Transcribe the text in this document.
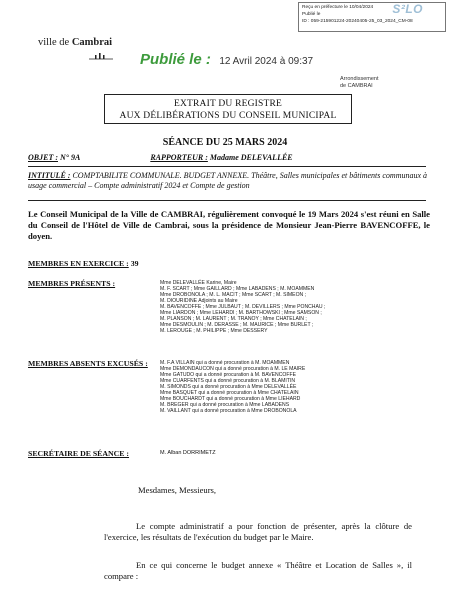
Reçu en préfecture le 10/04/2024
Publié le
ID : 059-215901224-20240405-25_03_2024_CM-08
S²LO
ville de Cambrai
Publié le : 12 Avril 2024 à 09:37
Arrondissement
de CAMBRAI
EXTRAIT DU REGISTRE
AUX DÉLIBÉRATIONS DU CONSEIL MUNICIPAL
SÉANCE DU 25 MARS 2024
OBJET : N° 9A	RAPPORTEUR : Madame DELEVALLÉE
INTITULÉ : COMPTABILITE COMMUNALE. BUDGET ANNEXE. Théâtre, Salles municipales et bâtiments communaux à usage commercial – Compte administratif 2024 et Compte de gestion
Le Conseil Municipal de la Ville de CAMBRAI, régulièrement convoqué le 19 Mars 2024 s'est réuni en Salle du Conseil de l'Hôtel de Ville de Cambrai, sous la présidence de Monsieur Jean-Pierre BAVENCOFFE, le doyen.
MEMBRES EN EXERCICE : 39
MEMBRES PRÉSENTS :	Mme DELEVALLÉE Karine, Maire
M. F. SCART ; Mme GAILLARD ; Mme LABADENS ; M. MOAMMEN
Mme DROBONOLA ; M. L. MACIT ; Mme SCART ; M. SIMEON ;
M. DIOURIDINE Adjoints au Maire
M. BAVENCOFFE ; Mme JULBAUT ; M. DEVILLERS ; Mme PONCHAU ;
Mme LIARDON ; Mme LEHARDI ; M. BARTHOWSKI ; Mme SAMSON ;
M. PLANSON ; M. LAURENT ; M. TRANOY ; Mme CHATELAIN ;
Mme DESMOULIN ; M. DERASSE ; M. MAURICE ; Mme BURLET ;
M. LEROUGE ; M. PHILIPPE ; Mme DESSERY
MEMBRES ABSENTS EXCUSÉS : M. F.A VILLAIN qui a donné procuration à M. MOAMMEN
Mme DEMONDAUCON qui a donné procuration à M. LE MAIRE
Mme GATUDO qui a donné procuration à M. BAVENCOFFE
Mme CUARFENTS qui a donné procuration à M. BLAMITIN
M. SIMONDS qui a donné procuration à Mme DELEVALLÉE
Mme BASQUET qui a donné procuration à Mme CHATELAIN
Mme BOUCHARDT qui a donné procuration à Mme LIEHARD
M. BREGER qui a donné procuration à Mme LABADENS
M. VAILLANT qui a donné procuration à Mme DROBONOLA
SECRÉTAIRE DE SÉANCE :	M. Alban DORRIMETZ
Mesdames, Messieurs,
Le compte administratif a pour fonction de présenter, après la clôture de l'exercice, les résultats de l'exécution du budget par le Maire.
En ce qui concerne le budget annexe « Théâtre et Location de Salles », il compare :
